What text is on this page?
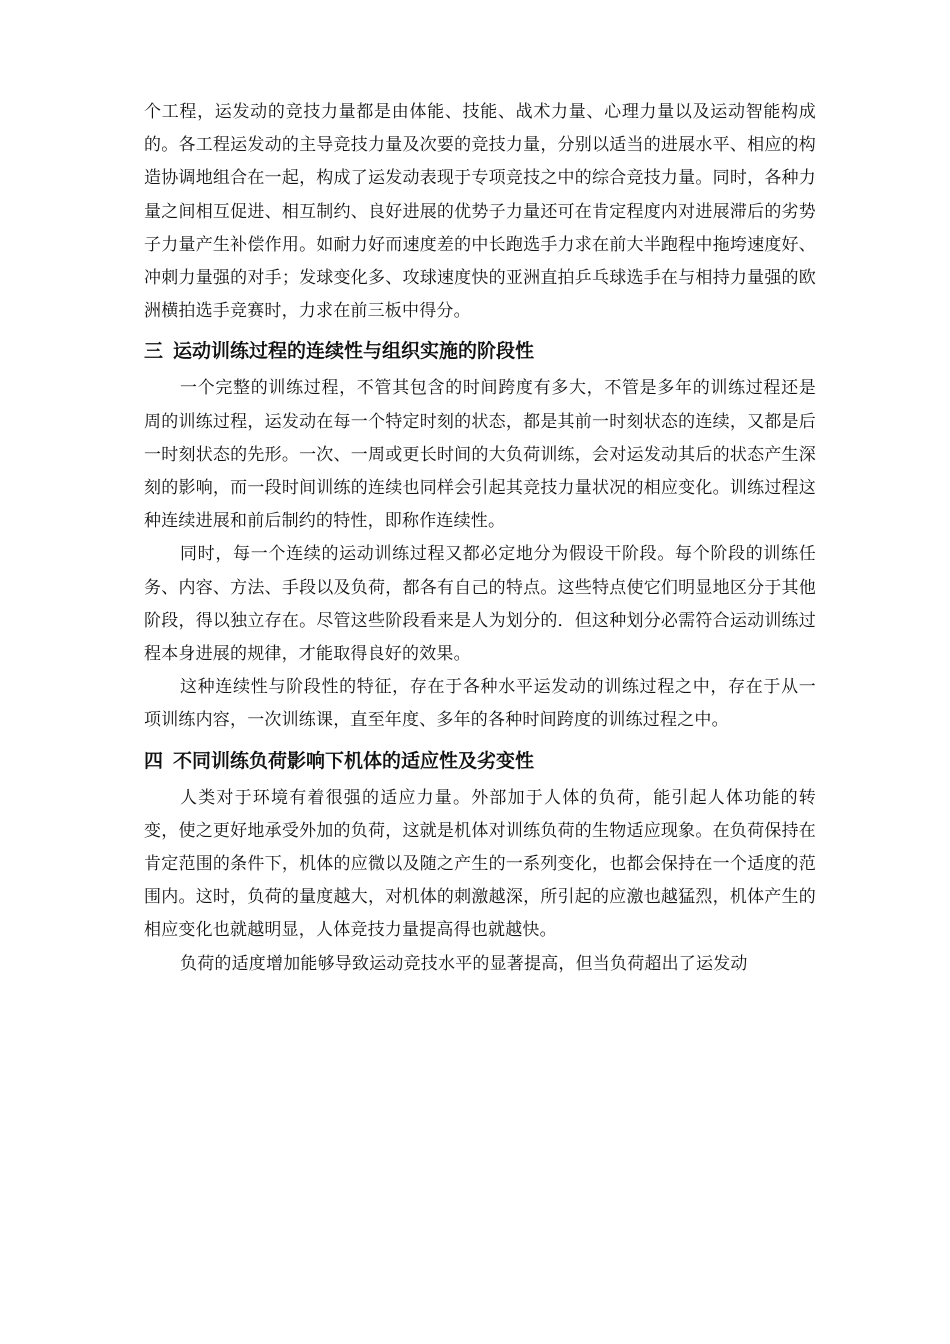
个工程，运发动的竞技力量都是由体能、技能、战术力量、心理力量以及运动智能构成的。各工程运发动的主导竞技力量及次要的竞技力量，分别以适当的进展水平、相应的构造协调地组合在一起，构成了运发动表现于专项竞技之中的综合竞技力量。同时，各种力量之间相互促进、相互制约、良好进展的优势子力量还可在肯定程度内对进展滞后的劣势子力量产生补偿作用。如耐力好而速度差的中长跑选手力求在前大半跑程中拖垮速度好、冲刺力量强的对手；发球变化多、攻球速度快的亚洲直拍乒乓球选手在与相持力量强的欧洲横拍选手竞赛时，力求在前三板中得分。

三 运动训练过程的连续性与组织实施的阶段性

一个完整的训练过程，不管其包含的时间跨度有多大，不管是多年的训练过程还是周的训练过程，运发动在每一个特定时刻的状态，都是其前一时刻状态的连续，又都是后一时刻状态的先形。一次、一周或更长时间的大负荷训练，会对运发动其后的状态产生深刻的影响，而一段时间训练的连续也同样会引起其竞技力量状况的相应变化。训练过程这种连续进展和前后制约的特性，即称作连续性。

同时，每一个连续的运动训练过程又都必定地分为假设干阶段。每个阶段的训练任务、内容、方法、手段以及负荷，都各有自己的特点。这些特点使它们明显地区分于其他阶段，得以独立存在。尽管这些阶段看来是人为划分的．但这种划分必需符合运动训练过程本身进展的规律，才能取得良好的效果。

这种连续性与阶段性的特征，存在于各种水平运发动的训练过程之中，存在于从一项训练内容，一次训练课，直至年度、多年的各种时间跨度的训练过程之中。

四 不同训练负荷影响下机体的适应性及劣变性

人类对于环境有着很强的适应力量。外部加于人体的负荷，能引起人体功能的转变，使之更好地承受外加的负荷，这就是机体对训练负荷的生物适应现象。在负荷保持在肯定范围的条件下，机体的应微以及随之产生的一系列变化，也都会保持在一个适度的范围内。这时，负荷的量度越大，对机体的刺激越深，所引起的应激也越猛烈，机体产生的相应变化也就越明显，人体竞技力量提高得也就越快。

负荷的适度增加能够导致运动竞技水平的显著提高，但当负荷超出了运发动
